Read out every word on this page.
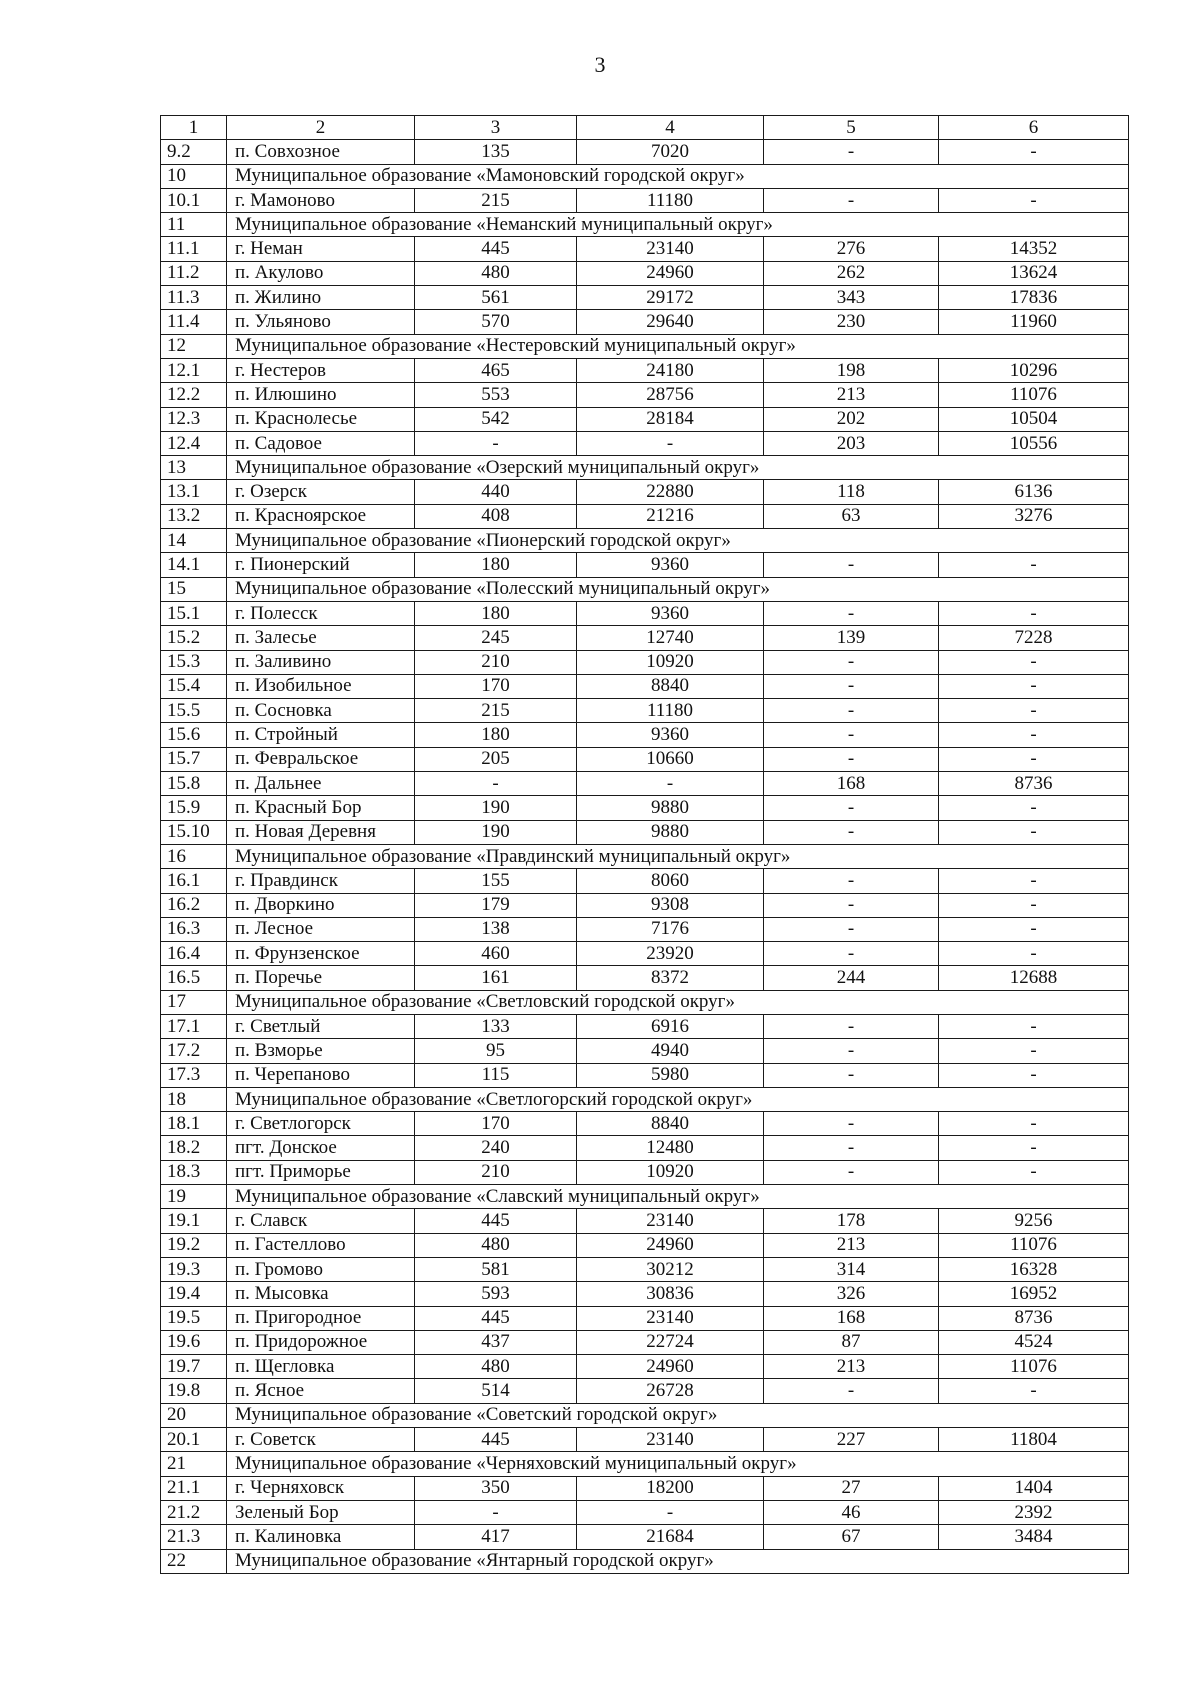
3
1	2	3	4	5	6
9.2	п. Совхозное	135	7020	-	-
10	Муниципальное образование «Мамоновский городской округ»				
10.1	г. Мамоново	215	11180	-	-
11	Муниципальное образование «Неманский муниципальный округ»				
11.1	г. Неман	445	23140	276	14352
11.2	п. Акулово	480	24960	262	13624
11.3	п. Жилино	561	29172	343	17836
11.4	п. Ульяново	570	29640	230	11960
12	Муниципальное образование «Нестеровский муниципальный округ»				
12.1	г. Нестеров	465	24180	198	10296
12.2	п. Илюшино	553	28756	213	11076
12.3	п. Краснолесье	542	28184	202	10504
12.4	п. Садовое	-	-	203	10556
13	Муниципальное образование «Озерский муниципальный округ»				
13.1	г. Озерск	440	22880	118	6136
13.2	п. Красноярское	408	21216	63	3276
14	Муниципальное образование «Пионерский городской округ»				
14.1	г. Пионерский	180	9360	-	-
15	Муниципальное образование «Полесский муниципальный округ»				
15.1	г. Полесск	180	9360	-	-
15.2	п. Залесье	245	12740	139	7228
15.3	п. Заливино	210	10920	-	-
15.4	п. Изобильное	170	8840	-	-
15.5	п. Сосновка	215	11180	-	-
15.6	п. Стройный	180	9360	-	-
15.7	п. Февральское	205	10660	-	-
15.8	п. Дальнее	-	-	168	8736
15.9	п. Красный Бор	190	9880	-	-
15.10	п. Новая Деревня	190	9880	-	-
16	Муниципальное образование «Правдинский муниципальный округ»				
16.1	г. Правдинск	155	8060	-	-
16.2	п. Дворкино	179	9308	-	-
16.3	п. Лесное	138	7176	-	-
16.4	п. Фрунзенское	460	23920	-	-
16.5	п. Поречье	161	8372	244	12688
17	Муниципальное образование «Светловский городской округ»				
17.1	г. Светлый	133	6916	-	-
17.2	п. Взморье	95	4940	-	-
17.3	п. Черепаново	115	5980	-	-
18	Муниципальное образование «Светлогорский городской округ»				
18.1	г. Светлогорск	170	8840	-	-
18.2	пгт. Донское	240	12480	-	-
18.3	пгт. Приморье	210	10920	-	-
19	Муниципальное образование «Славский муниципальный округ»				
19.1	г. Славск	445	23140	178	9256
19.2	п. Гастеллово	480	24960	213	11076
19.3	п. Громово	581	30212	314	16328
19.4	п. Мысовка	593	30836	326	16952
19.5	п. Пригородное	445	23140	168	8736
19.6	п. Придорожное	437	22724	87	4524
19.7	п. Щегловка	480	24960	213	11076
19.8	п. Ясное	514	26728	-	-
20	Муниципальное образование «Советский городской округ»				
20.1	г. Советск	445	23140	227	11804
21	Муниципальное образование «Черняховский муниципальный округ»				
21.1	г. Черняховск	350	18200	27	1404
21.2	Зеленый Бор	-	-	46	2392
21.3	п. Калиновка	417	21684	67	3484
22	Муниципальное образование «Янтарный городской округ»				
